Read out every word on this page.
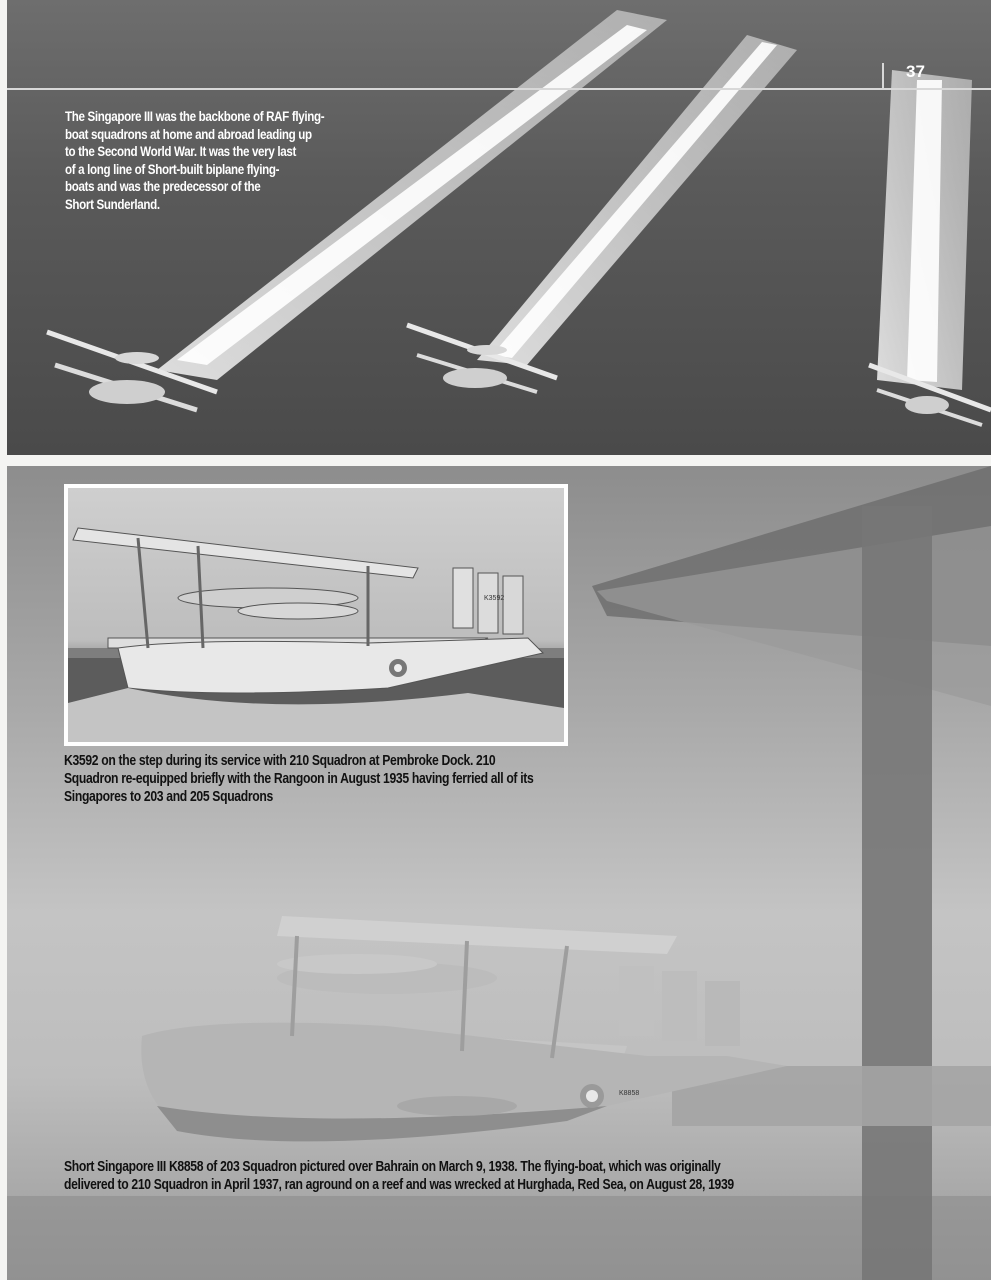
37
The Singapore III was the backbone of RAF flying-
boat squadrons at home and abroad leading up
to the Second World War. It was the very last
of a long line of Short-built biplane flying-
boats and was the predecessor of the
Short Sunderland.
K3592
K3592 on the step during its service with 210 Squadron at Pembroke Dock. 210
Squadron re-equipped briefly with the Rangoon in August 1935 having ferried all of its
Singapores to 203 and 205 Squadrons
Short Singapore III K8858 of 203 Squadron pictured over Bahrain on March 9, 1938. The flying-boat, which was originally
delivered to 210 Squadron in April 1937, ran aground on a reef and was wrecked at Hurghada, Red Sea, on August 28, 1939
K8858
